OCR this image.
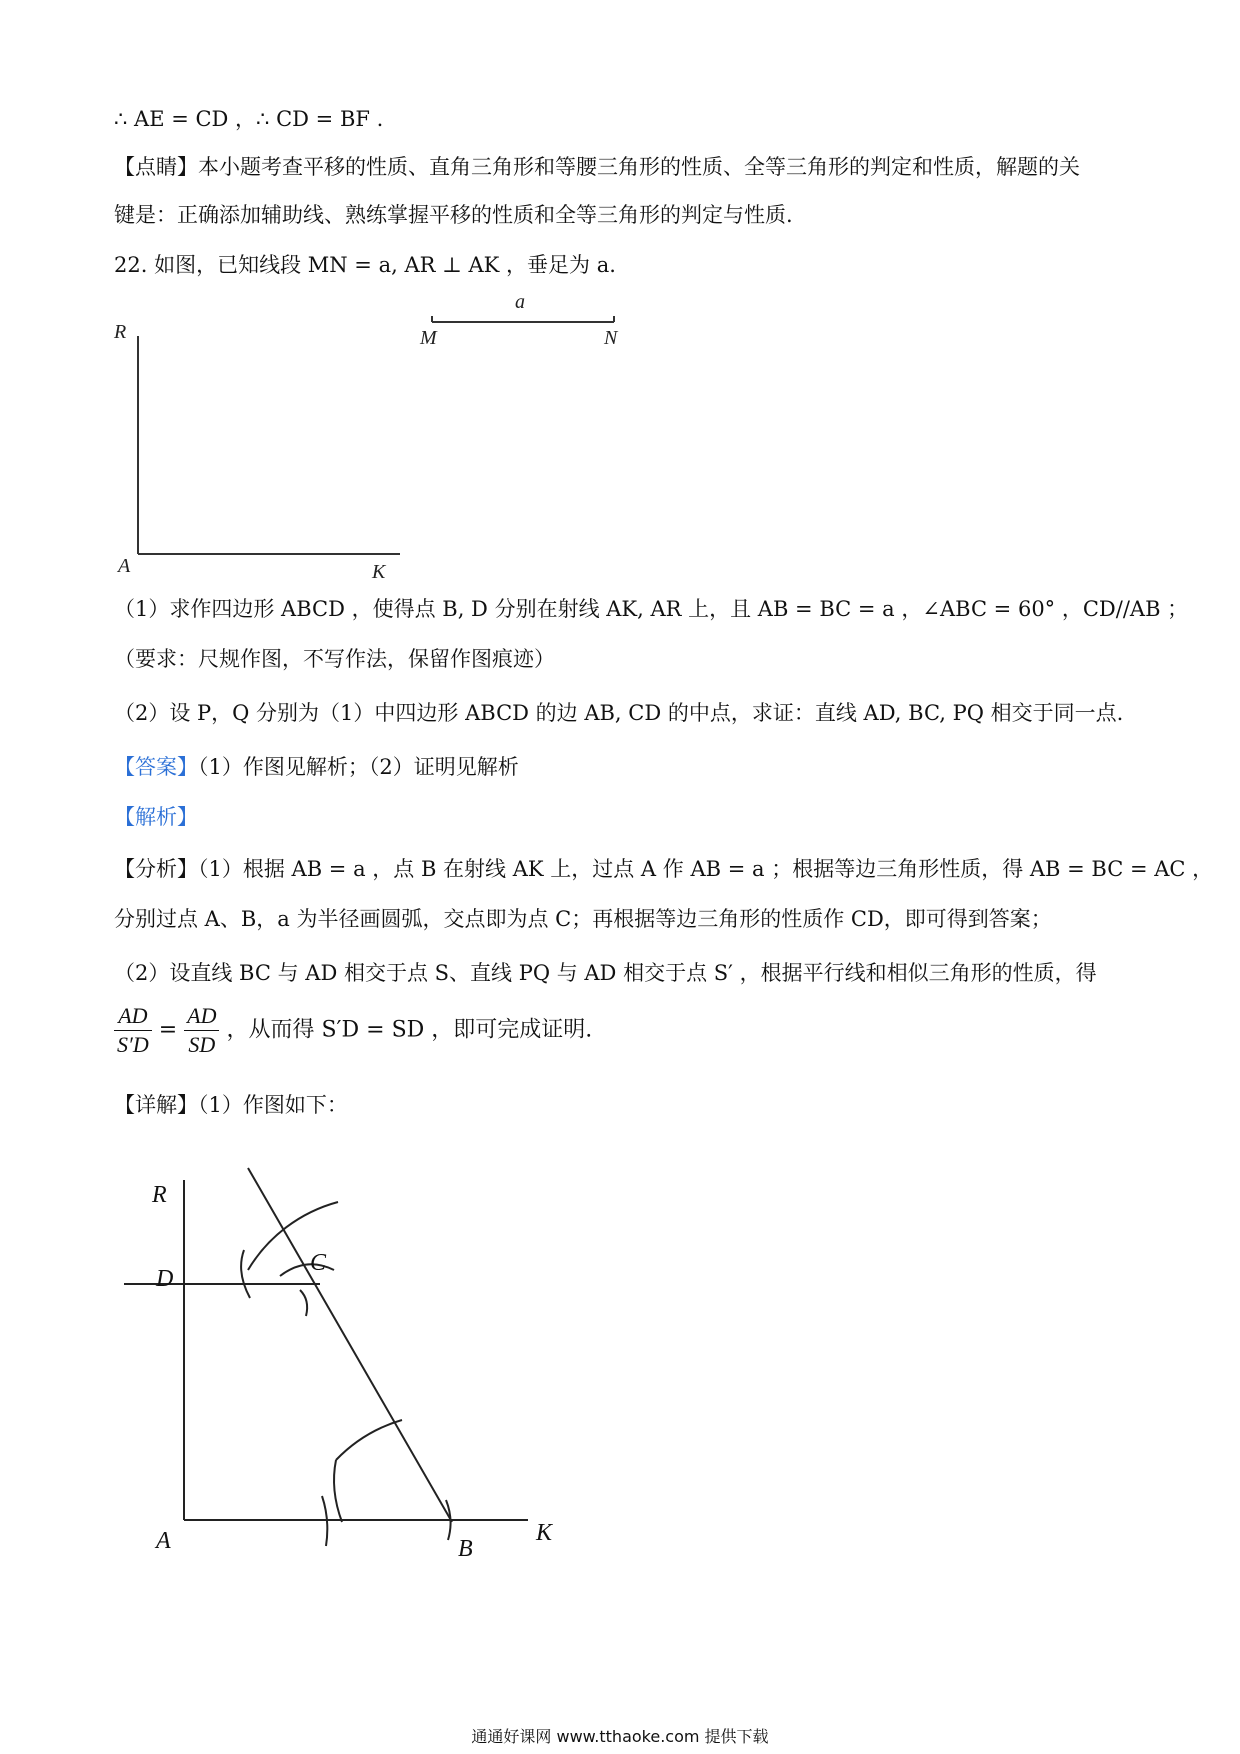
∴ AE = CD ，∴ CD = BF .
【点睛】本小题考查平移的性质、直角三角形和等腰三角形的性质、全等三角形的判定和性质，解题的关
键是：正确添加辅助线、熟练掌握平移的性质和全等三角形的判定与性质.
22. 如图，已知线段 MN = a, AR ⊥ AK ，垂足为 a.
（1）求作四边形 ABCD ，使得点 B, D 分别在射线 AK, AR 上，且 AB = BC = a ，∠ABC = 60° ，CD//AB ；
（要求：尺规作图，不写作法，保留作图痕迹）
（2）设 P，Q 分别为（1）中四边形 ABCD 的边 AB, CD 的中点，求证：直线 AD, BC, PQ 相交于同一点.
【答案】（1）作图见解析；（2）证明见解析
【解析】
【分析】（1）根据 AB = a ，点 B 在射线 AK 上，过点 A 作 AB = a ；根据等边三角形性质，得 AB = BC = AC ，
分别过点 A、B，a 为半径画圆弧，交点即为点 C；再根据等边三角形的性质作 CD，即可得到答案；
（2）设直线 BC 与 AD 相交于点 S、直线 PQ 与 AD 相交于点 S′ ，根据平行线和相似三角形的性质，得
$\frac{AD}{S'D} = \frac{AD}{SD}$ ，从而得 S′D = SD ，即可完成证明.
【详解】（1）作图如下：
R
A	K
a
M	N
R
D
C
A	B
K
通通好课网 www.tthaoke.com 提供下载
